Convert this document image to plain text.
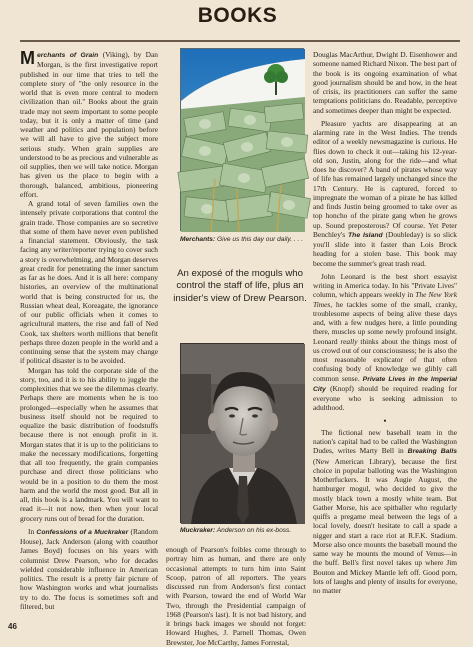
BOOKS

Merchants of Grain (Viking), by Dan Morgan, is the first investigative report published in our time that tries to tell the complete story of "the only resource in the world that is even more central to modern civilization than oil." Books about the grain trade may not seem important to some people today, but it is only a matter of time (and weather and politics and population) before we will all have to give the subject more serious study. When grain supplies are understood to be as precious and vulnerable as oil supplies, then we will take notice. Morgan has given us the place to begin with a thorough, balanced, ambitious, pioneering effort.

A grand total of seven families own the intensely private corporations that control the grain trade. Those companies are so secretive that some of them have never even published a financial statement. Obviously, the task facing any writer/reporter trying to cover such a story is overwhelming, and Morgan deserves great credit for penetrating the inner sanctum as far as he does. And it is all here: company histories, an overview of the multinational world that is being constructed for us, the Russian wheat deal, Koreagate, the ignorance of our public officials when it comes to agricultural matters, the rise and fall of Ned Cook, tax shelters worth millions that benefit perhaps three dozen people in the world and a continuing sense that the system may change if political disaster is to be avoided.

Morgan has told the corporate side of the story, too, and it is to his ability to juggle the complexities that we see the dilemmas clearly. Perhaps there are moments when he is too prolonged—especially when he assumes that business itself should not be required to equalize the basic distribution of foodstuffs because there is not enough profit in it. Morgan states that it is up to the politicians to make the necessary modifications, forgetting that all too frequently, the grain companies purchase and direct those politicians who would be in a position to do them the most harm and the world the most good. But all in all, this book is a landmark. You will want to read it—it not now, then when your local grocery runs out of bread for the duration.

In Confessions of a Muckraker (Random House), Jack Anderson (along with coauthor James Boyd) focuses on his years with columnist Drew Pearson, who for decades wielded considerable influence in American politics. The result is a pretty fair picture of how Washington works and what journalists try to do. The focus is sometimes soft and filtered, but

Merchants: Give us this day our daily. . . .
An exposé of the moguls who control the staff of life, plus an insider's view of Drew Pearson.
Muckraker: Anderson on his ex-boss.

enough of Pearson's foibles come through to portray him as human, and there are only occasional attempts to turn him into Saint Scoop, patron of all reporters. The years discussed run from Anderson's first contact with Pearson, toward the end of World War Two, through the Presidential campaign of 1968 (Pearson's last). It is not bad history, and it brings back images we should not forget: Howard Hughes, J. Parnell Thomas, Owen Brewster, Joe McCarthy, James Forrestal,

Douglas MacArthur, Dwight D. Eisenhower and someone named Richard Nixon. The best part of the book is its ongoing examination of what good journalism should be and how, in the heat of crisis, its practitioners can suffer the same temptations politicians do. Readable, perceptive and sometimes deeper than might be expected.

Pleasure yachts are disappearing at an alarming rate in the West Indies. The trends editor of a weekly newsmagazine is curious. He flies down to check it out—taking his 12-year-old son, Justin, along for the ride—and what does he discover? A band of pirates whose way of life has remained largely unchanged since the 17th Century. He is captured, forced to impregnate the woman of a pirate he has killed and finds Justin being groomed to take over as top honcho of the pirate gang when he grows up. Sound preposterous? Of course. Yet Peter Benchley's The Island (Doubleday) is so slick you'll slide into it faster than Lois Brock heading for a stolen base. This book may become the summer's great trash read.

John Leonard is the best short essayist writing in America today. In his "Private Lives" column, which appears weekly in The New York Times, he tackles some of the small, cranky, troublesome aspects of being alive these days and, with a few nudges here, a little pounding there, muscles up some newly profound insight. Leonard really thinks about the things most of us crowd out of our consciousness; he is also the most reasonable explicator of that often confusing body of knowledge we glibly call common sense. Private Lives in the Imperial City (Knopf) should be required reading for everyone who is seeking admission to adulthood.

•

The fictional new baseball team in the nation's capital had to be called the Washington Dudes, writes Marty Bell in Breaking Balls (New American Library), because the first choice in popular balloting was the Washington Motherfuckers. It was Augie August, the hamburger mogul, who decided to give the mostly black town a mostly white team. But Gather Morse, his ace spitballer who regularly quiffs a pregame meal between the legs of a local lovely, doesn't hesitate to call a spade a nigger and start a race riot at R.F.K. Stadium. Morse also once mounts the baseball mound the same way he mounts the mound of Venus—in the buff. Bell's first novel takes up where Jim Bouton and Mickey Mantle left off. Good porn, lots of laughs and plenty of insults for everyone, no matter

46
